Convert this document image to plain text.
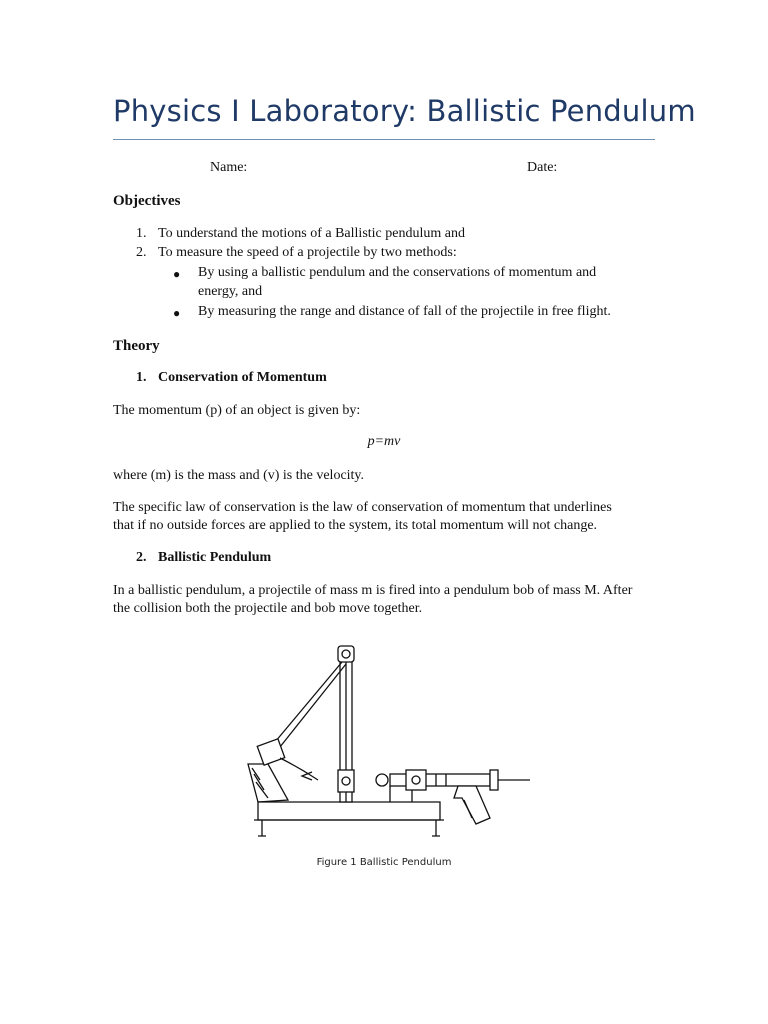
Physics I Laboratory: Ballistic Pendulum
Name:	Date:
Objectives
1. To understand the motions of a Ballistic pendulum and
2. To measure the speed of a projectile by two methods:
● By using a ballistic pendulum and the conservations of momentum and
energy, and
● By measuring the range and distance of fall of the projectile in free flight.
Theory
1. Conservation of Momentum
The momentum (p) of an object is given by:
p=mv
where (m) is the mass and (v) is the velocity.
The specific law of conservation is the law of conservation of momentum that underlines
that if no outside forces are applied to the system, its total momentum will not change.
2. Ballistic Pendulum
In a ballistic pendulum, a projectile of mass m is fired into a pendulum bob of mass M. After
the collision both the projectile and bob move together.
Figure 1 Ballistic Pendulum
